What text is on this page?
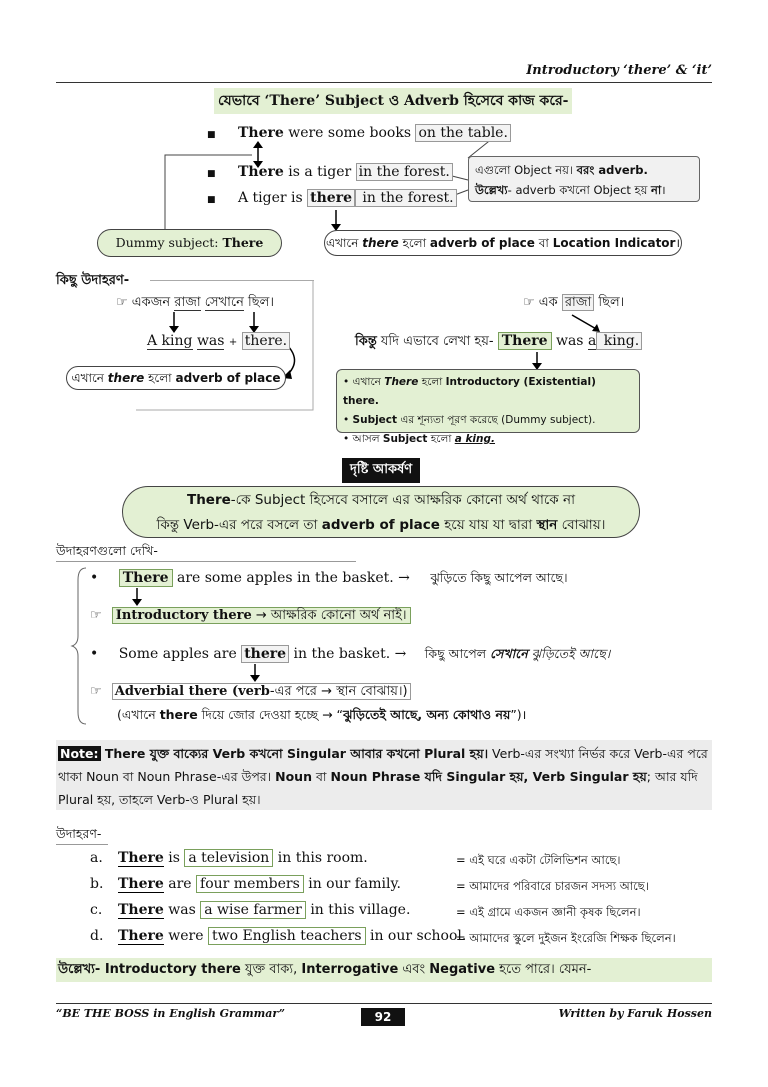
Introductory ‘there’ & ‘it’
যেভাবে ‘There’ Subject ও Adverb হিসেবে কাজ করে-
■ There were some books on the table.
■ There is a tiger in the forest.
■ A tiger is there in the forest.
এগুলো Object নয়। বরং adverb.
উল্লেখ্য- adverb কখনো Object হয় না।
Dummy subject: There	এখানে there হলো adverb of place বা Location Indicator।
কিছু উদাহরণ-
☞ একজন রাজা সেখানে ছিল।
A king was + there.
এখানে there হলো adverb of place
☞ এক রাজা ছিল।
কিন্তু যদি এভাবে লেখা হয়- There was a king.
• এখানে There হলো Introductory (Existential) there.
• Subject এর শূন্যতা পূরণ করেছে (Dummy subject).
• আসল Subject হলো a king.
দৃষ্টি আকর্ষণ
There-কে Subject হিসেবে বসালে এর আক্ষরিক কোনো অর্থ থাকে না
কিন্তু Verb-এর পরে বসলে তা adverb of place হয়ে যায় যা দ্বারা স্থান বোঝায়।
উদাহরণগুলো দেখি-
• There are some apples in the basket. → ঝুড়িতে কিছু আপেল আছে।
☞ Introductory there → আক্ষরিক কোনো অর্থ নাই।
• Some apples are there in the basket. → কিছু আপেল সেখানে ঝুড়িতেই আছে।
☞ Adverbial there (verb-এর পরে → স্থান বোঝায়।)
(এখানে there দিয়ে জোর দেওয়া হচ্ছে → “ঝুড়িতেই আছে, অন্য কোথাও নয়”)।
Note: There যুক্ত বাক্যের Verb কখনো Singular আবার কখনো Plural হয়। Verb-এর সংখ্যা নির্ভর করে Verb-এর পরে
থাকা Noun বা Noun Phrase-এর উপর। Noun বা Noun Phrase যদি Singular হয়, Verb Singular হয়; আর যদি
Plural হয়, তাহলে Verb-ও Plural হয়।
উদাহরণ-
a. There is a television in this room.	= এই ঘরে একটা টেলিভিশন আছে।
b. There are four members in our family.	= আমাদের পরিবারে চারজন সদস্য আছে।
c. There was a wise farmer in this village.	= এই গ্রামে একজন জ্ঞানী কৃষক ছিলেন।
d. There were two English teachers in our school.
= আমাদের স্কুলে দুইজন ইংরেজি শিক্ষক ছিলেন।
উল্লেখ্য- Introductory there যুক্ত বাক্য, Interrogative এবং Negative হতে পারে। যেমন-
“BE THE BOSS in English Grammar”	92	Written by Faruk Hossen
